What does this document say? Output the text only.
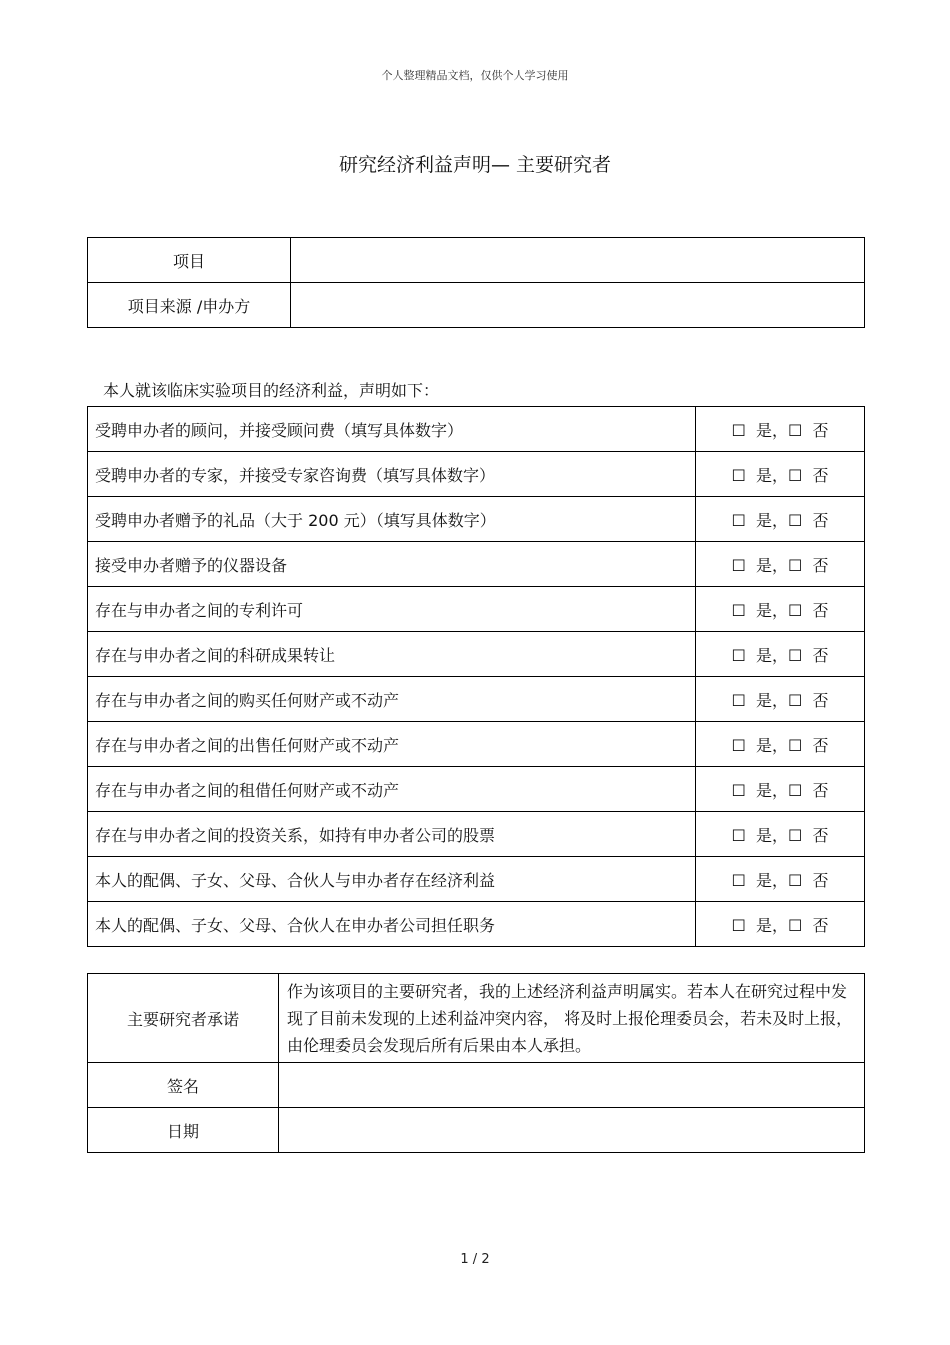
个人整理精品文档，仅供个人学习使用
研究经济利益声明— 主要研究者
项目	
项目来源 /申办方	
本人就该临床实验项目的经济利益，声明如下：
受聘申办者的顾问，并接受顾问费（填写具体数字）	☐  是，☐  否
受聘申办者的专家，并接受专家咨询费（填写具体数字）	☐  是，☐  否
受聘申办者赠予的礼品（大于 200 元）（填写具体数字）	☐  是，☐  否
接受申办者赠予的仪器设备	☐  是，☐  否
存在与申办者之间的专利许可	☐  是，☐  否
存在与申办者之间的科研成果转让	☐  是，☐  否
存在与申办者之间的购买任何财产或不动产	☐  是，☐  否
存在与申办者之间的出售任何财产或不动产	☐  是，☐  否
存在与申办者之间的租借任何财产或不动产	☐  是，☐  否
存在与申办者之间的投资关系，如持有申办者公司的股票	☐  是，☐  否
本人的配偶、子女、父母、合伙人与申办者存在经济利益	☐  是，☐  否
本人的配偶、子女、父母、合伙人在申办者公司担任职务	☐  是，☐  否
主要研究者承诺	作为该项目的主要研究者，我的上述经济利益声明属实。若本人在研究过程中发现了目前未发现的上述利益冲突内容， 将及时上报伦理委员会，若未及时上报，由伦理委员会发现后所有后果由本人承担。
签名	
日期	
1 / 2
